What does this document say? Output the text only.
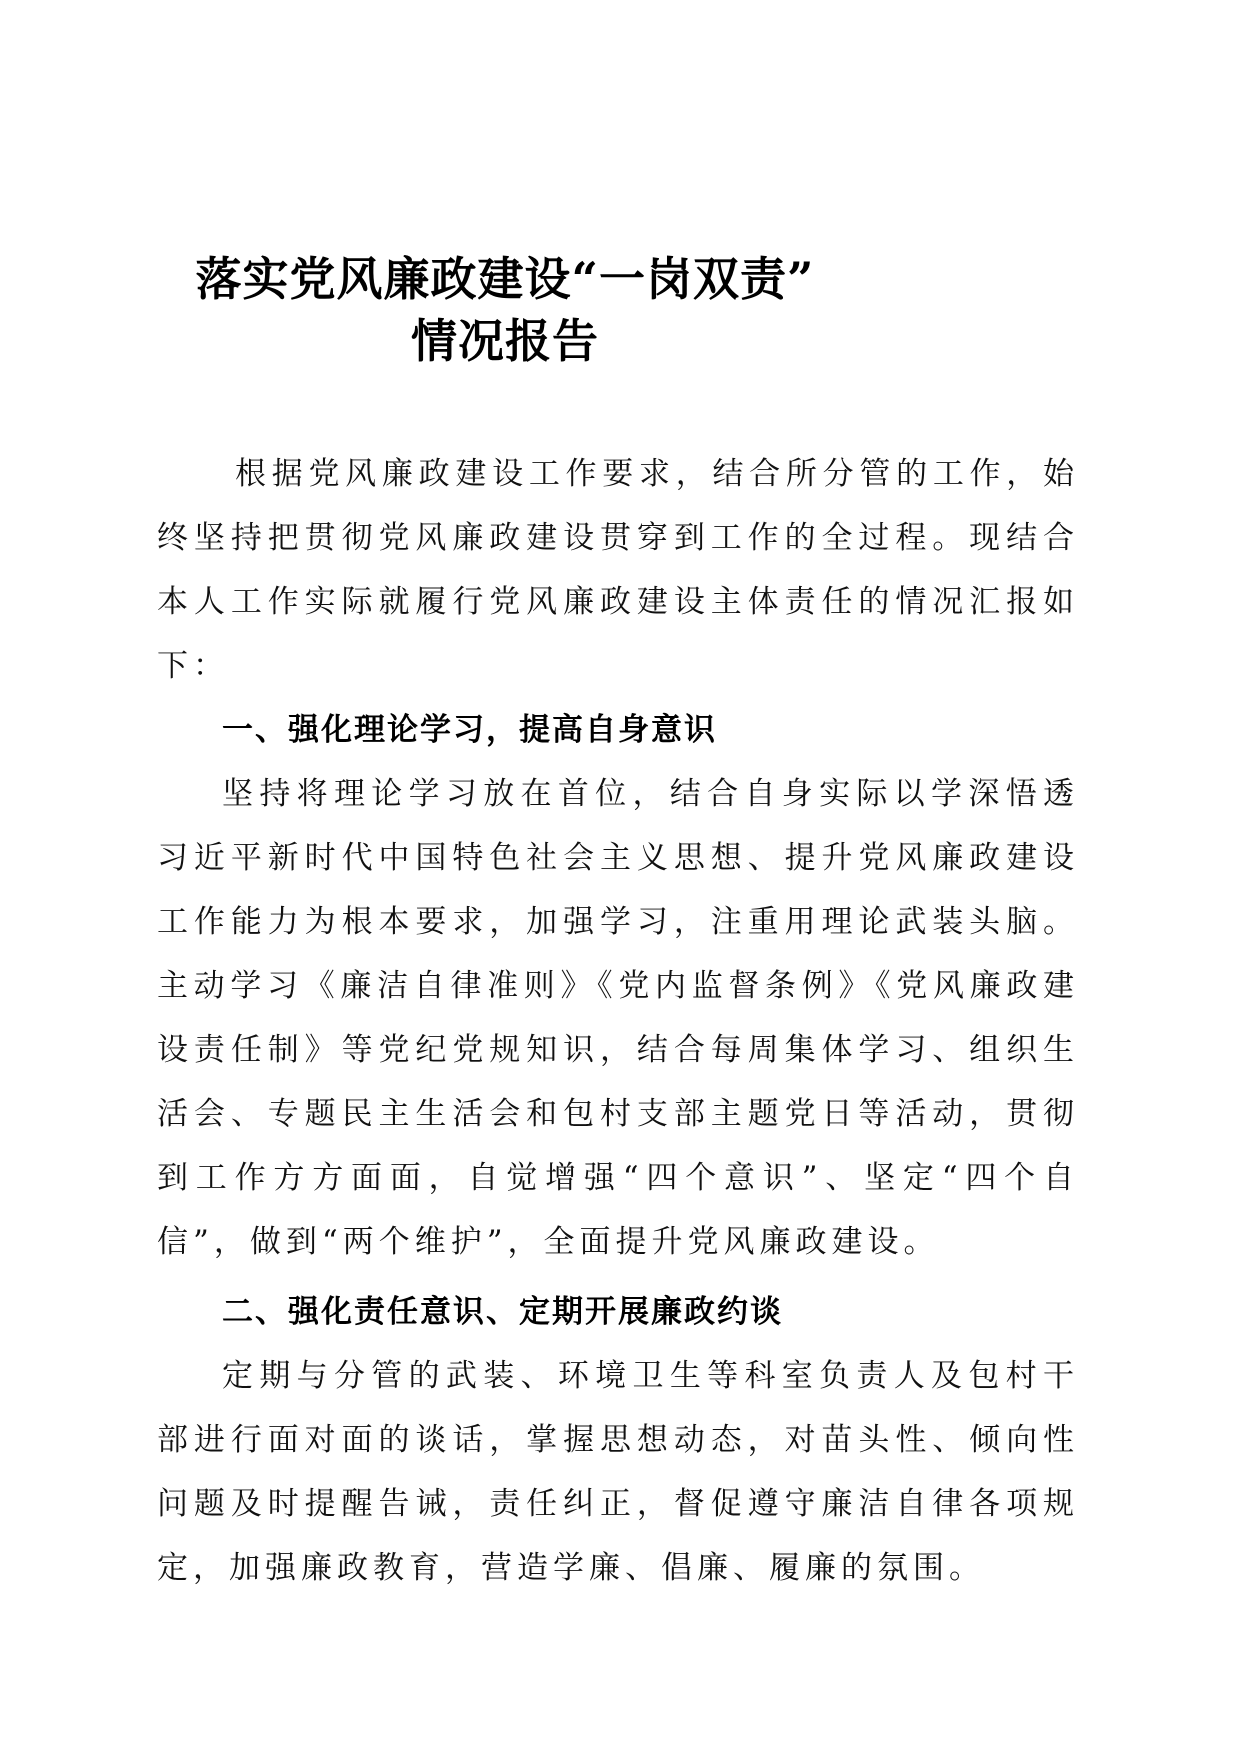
落实党风廉政建设“一岗双责”
情况报告

根据党风廉政建设工作要求，结合所分管的工作，始终坚持把贯彻党风廉政建设贯穿到工作的全过程。现结合本人工作实际就履行党风廉政建设主体责任的情况汇报如下：

一、强化理论学习，提高自身意识

坚持将理论学习放在首位，结合自身实际以学深悟透习近平新时代中国特色社会主义思想、提升党风廉政建设工作能力为根本要求，加强学习，注重用理论武装头脑。主动学习《廉洁自律准则》《党内监督条例》《党风廉政建设责任制》等党纪党规知识，结合每周集体学习、组织生活会、专题民主生活会和包村支部主题党日等活动，贯彻到工作方方面面，自觉增强“四个意识”、坚定“四个自信”，做到“两个维护”，全面提升党风廉政建设。

二、强化责任意识、定期开展廉政约谈

定期与分管的武装、环境卫生等科室负责人及包村干部进行面对面的谈话，掌握思想动态，对苗头性、倾向性问题及时提醒告诫，责任纠正，督促遵守廉洁自律各项规定，加强廉政教育，营造学廉、倡廉、履廉的氛围。
